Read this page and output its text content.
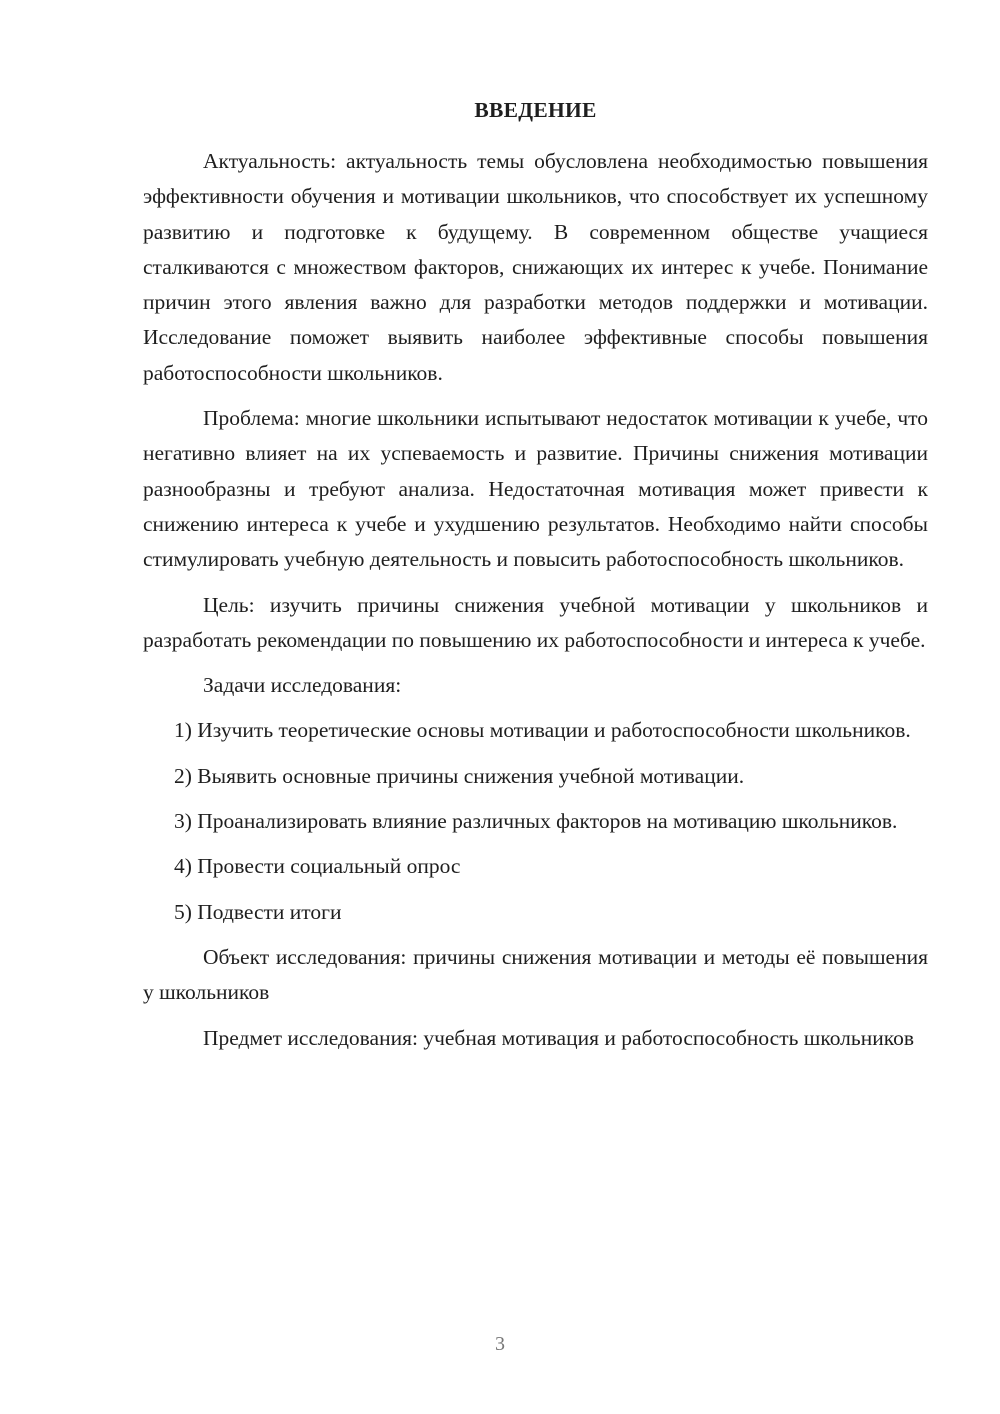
ВВЕДЕНИЕ

Актуальность: актуальность темы обусловлена необходимостью повышения эффективности обучения и мотивации школьников, что способствует их успешному развитию и подготовке к будущему. В современном обществе учащиеся сталкиваются с множеством факторов, снижающих их интерес к учебе. Понимание причин этого явления важно для разработки методов поддержки и мотивации. Исследование поможет выявить наиболее эффективные способы повышения работоспособности школьников.

Проблема: многие школьники испытывают недостаток мотивации к учебе, что негативно влияет на их успеваемость и развитие. Причины снижения мотивации разнообразны и требуют анализа. Недостаточная мотивация может привести к снижению интереса к учебе и ухудшению результатов. Необходимо найти способы стимулировать учебную деятельность и повысить работоспособность школьников.

Цель: изучить причины снижения учебной мотивации у школьников и разработать рекомендации по повышению их работоспособности и интереса к учебе.

Задачи исследования:

1) Изучить теоретические основы мотивации и работоспособности школьников.

2) Выявить основные причины снижения учебной мотивации.

3) Проанализировать влияние различных факторов на мотивацию школьников.

4) Провести социальный опрос

5) Подвести итоги

Объект исследования: причины снижения мотивации и методы её повышения у школьников

Предмет исследования: учебная мотивация и работоспособность школьников

3
